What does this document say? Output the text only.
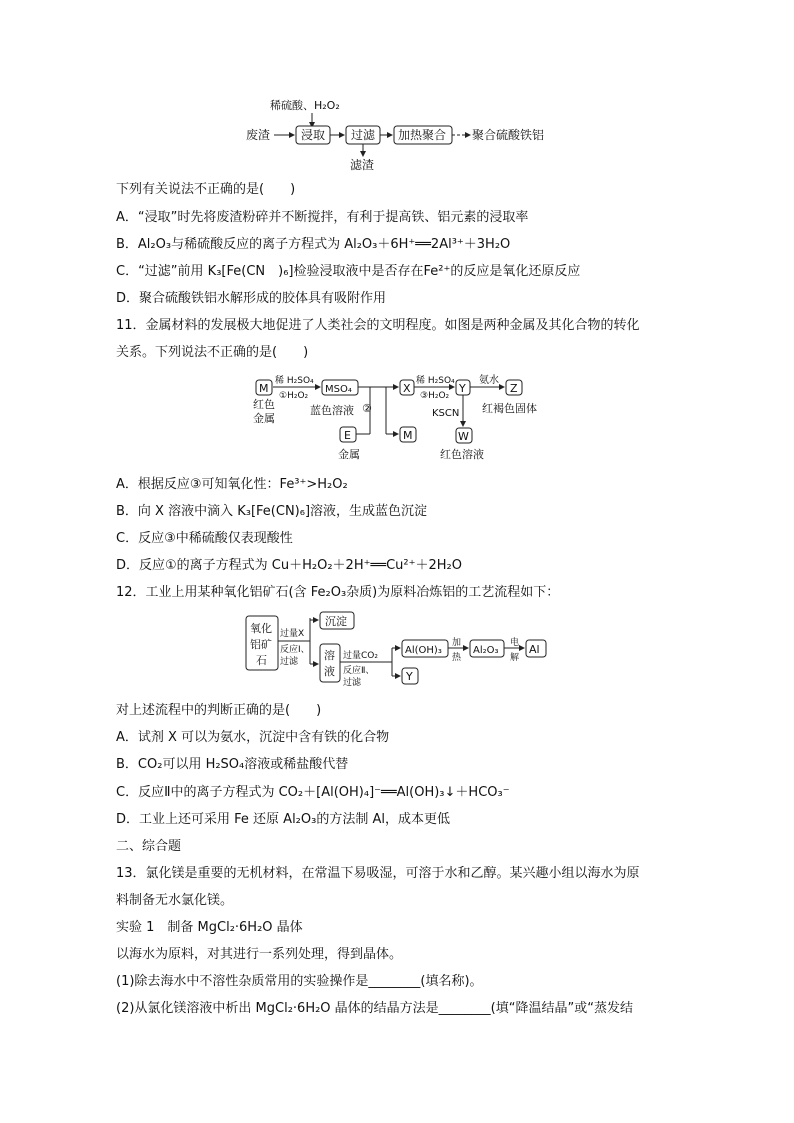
稀硫酸、H₂O₂
废渣	浸取 过滤
滤渣
加热聚合 聚合硫酸铁铝
下列有关说法不正确的是(　　)
A．“浸取”时先将废渣粉碎并不断搅拌，有利于提高铁、铝元素的浸取率
B．Al₂O₃与稀硫酸反应的离子方程式为 Al₂O₃＋6H⁺══2Al³⁺＋3H₂O
C．“过滤”前用 K₃[Fe(CN　)₆]检验浸取液中是否存在Fe²⁺的反应是氧化还原反应
D．聚合硫酸铁铝水解形成的胶体具有吸附作用
11．金属材料的发展极大地促进了人类社会的文明程度。如图是两种金属及其化合物的转化
关系。下列说法不正确的是(　　)
M
红色
金属
稀 H₂SO₄
①H₂O₂
MSO₄
蓝色溶液 ②
X
稀 H₂SO₄
③H₂O₂
Y
氨水
Z
红褐色固体
KSCN
W
红色溶液
E
金属
M
A．根据反应③可知氧化性：Fe³⁺>H₂O₂
B．向 X 溶液中滴入 K₃[Fe(CN)₆]溶液，生成蓝色沉淀
C．反应③中稀硫酸仅表现酸性
D．反应①的离子方程式为 Cu＋H₂O₂＋2H⁺══Cu²⁺＋2H₂O
12．工业上用某种氧化铝矿石(含 Fe₂O₃杂质)为原料冶炼铝的工艺流程如下：
氧化
铝矿
石
过量X
反应Ⅰ、
过滤
沉淀
溶
液
过量CO₂
反应Ⅱ、
过滤
Al(OH)₃
加
热
Al₂O₃
电
解
Al
Y
对上述流程中的判断正确的是(　　)
A．试剂 X 可以为氨水，沉淀中含有铁的化合物
B．CO₂可以用 H₂SO₄溶液或稀盐酸代替
C．反应Ⅱ中的离子方程式为 CO₂＋[Al(OH)₄]⁻══Al(OH)₃↓＋HCO₃⁻
D．工业上还可采用 Fe 还原 Al₂O₃的方法制 Al，成本更低
二、综合题
13．氯化镁是重要的无机材料，在常温下易吸湿，可溶于水和乙醇。某兴趣小组以海水为原
料制备无水氯化镁。
实验 1　制备 MgCl₂·6H₂O 晶体
以海水为原料，对其进行一系列处理，得到晶体。
(1)除去海水中不溶性杂质常用的实验操作是________(填名称)。
(2)从氯化镁溶液中析出 MgCl₂·6H₂O 晶体的结晶方法是________(填“降温结晶”或“蒸发结
